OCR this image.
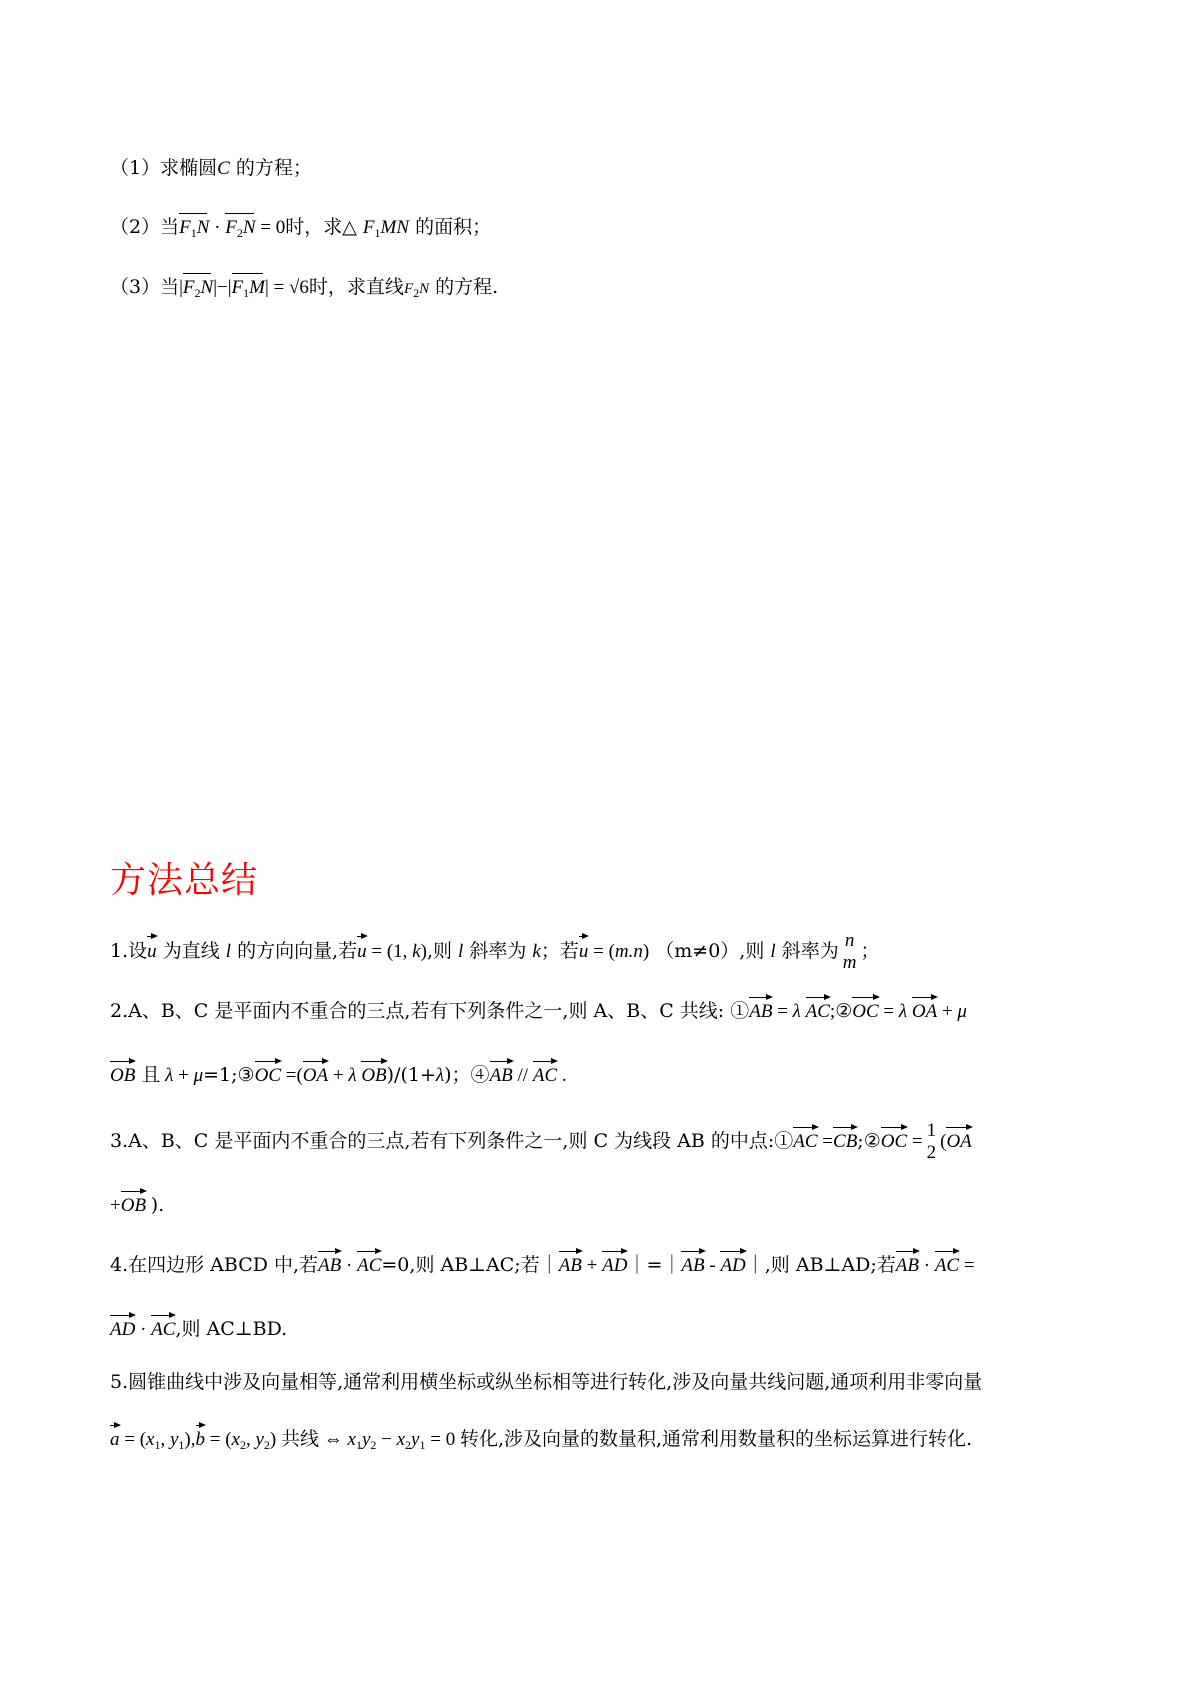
（1）求椭圆C 的方程；
（2）当$F_1N \cdot F_2N = 0$时，求△ $F_1MN$ 的面积；
（3）当$|F_2N|-|F_1M| = √6$时，求直线$F_2N$ 的方程.
方法总结
1.设u 为直线 l 的方向向量,若u = (1, k),则 l 斜率为 k；若u = (m.n) （m≠0）,则 l 斜率为 n
m
；
2.A、B、C 是平面内不重合的三点,若有下列条件之一,则 A、B、C 共线: ①AB = λ AC;②OC = λ OA + μ
OB 且 λ + μ=1;③OC =(OA + λ OB)/(1+λ)；④AB // AC .
3.A、B、C 是平面内不重合的三点,若有下列条件之一,则 C 为线段 AB 的中点:①AC =CB;②OC =
1
2
(OA
+OB ).
4.在四边形 ABCD 中,若AB · AC=0,则 AB⊥AC;若｜AB + AD｜=｜AB - AD｜,则 AB⊥AD;若AB · AC =
AD · AC,则 AC⊥BD.
5.圆锥曲线中涉及向量相等,通常利用横坐标或纵坐标相等进行转化,涉及向量共线问题,通项利用非零向量
$a = (x_1$, $y_1),b = (x_2$, $y_2$) 共线 ⇔ $x_1y_2 - x_2y_1 = 0$ 转化,涉及向量的数量积,通常利用数量积的坐标运算进行转化.
